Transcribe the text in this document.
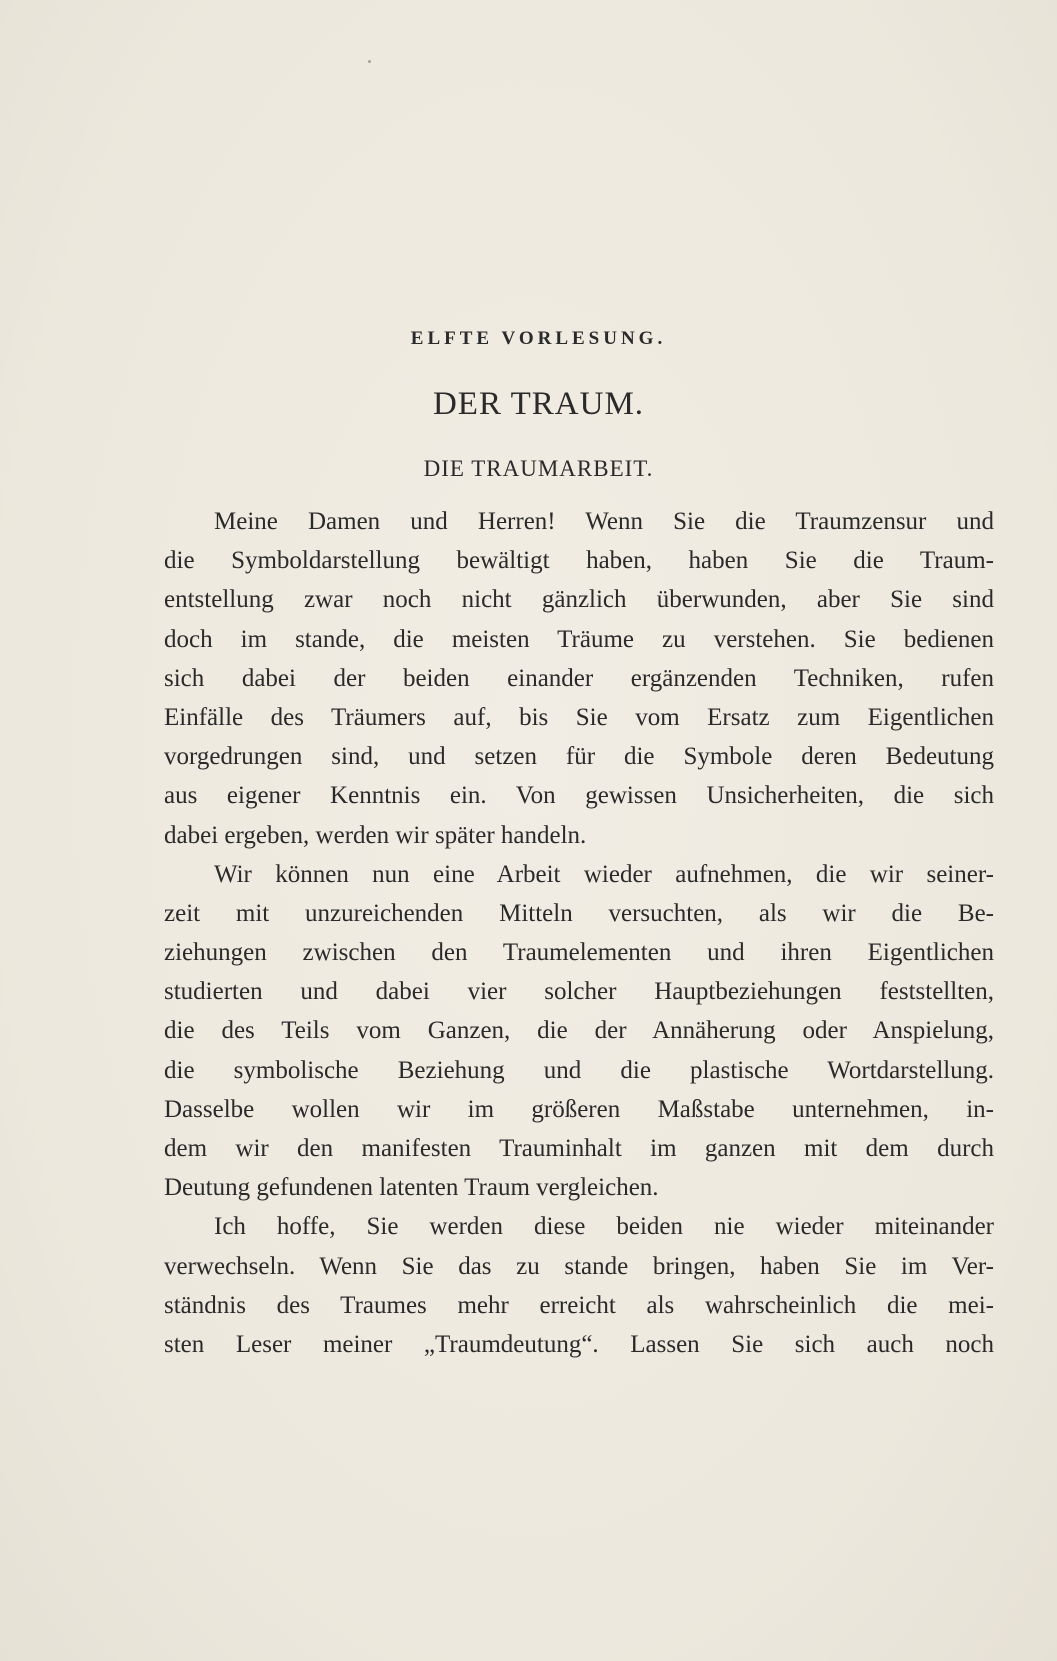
ELFTE VORLESUNG.
DER TRAUM.
DIE TRAUMARBEIT.
Meine Damen und Herren! Wenn Sie die Traumzensur und
die Symboldarstellung bewältigt haben, haben Sie die Traum-
entstellung zwar noch nicht gänzlich überwunden, aber Sie sind
doch im stande, die meisten Träume zu verstehen. Sie bedienen
sich dabei der beiden einander ergänzenden Techniken, rufen
Einfälle des Träumers auf, bis Sie vom Ersatz zum Eigentlichen
vorgedrungen sind, und setzen für die Symbole deren Bedeutung
aus eigener Kenntnis ein. Von gewissen Unsicherheiten, die sich
dabei ergeben, werden wir später handeln.
Wir können nun eine Arbeit wieder aufnehmen, die wir seiner-
zeit mit unzureichenden Mitteln versuchten, als wir die Be-
ziehungen zwischen den Traumelementen und ihren Eigentlichen
studierten und dabei vier solcher Hauptbeziehungen feststellten,
die des Teils vom Ganzen, die der Annäherung oder Anspielung,
die symbolische Beziehung und die plastische Wortdarstellung.
Dasselbe wollen wir im größeren Maßstabe unternehmen, in-
dem wir den manifesten Trauminhalt im ganzen mit dem durch
Deutung gefundenen latenten Traum vergleichen.
Ich hoffe, Sie werden diese beiden nie wieder miteinander
verwechseln. Wenn Sie das zu stande bringen, haben Sie im Ver-
ständnis des Traumes mehr erreicht als wahrscheinlich die mei-
sten Leser meiner „Traumdeutung“. Lassen Sie sich auch noch
